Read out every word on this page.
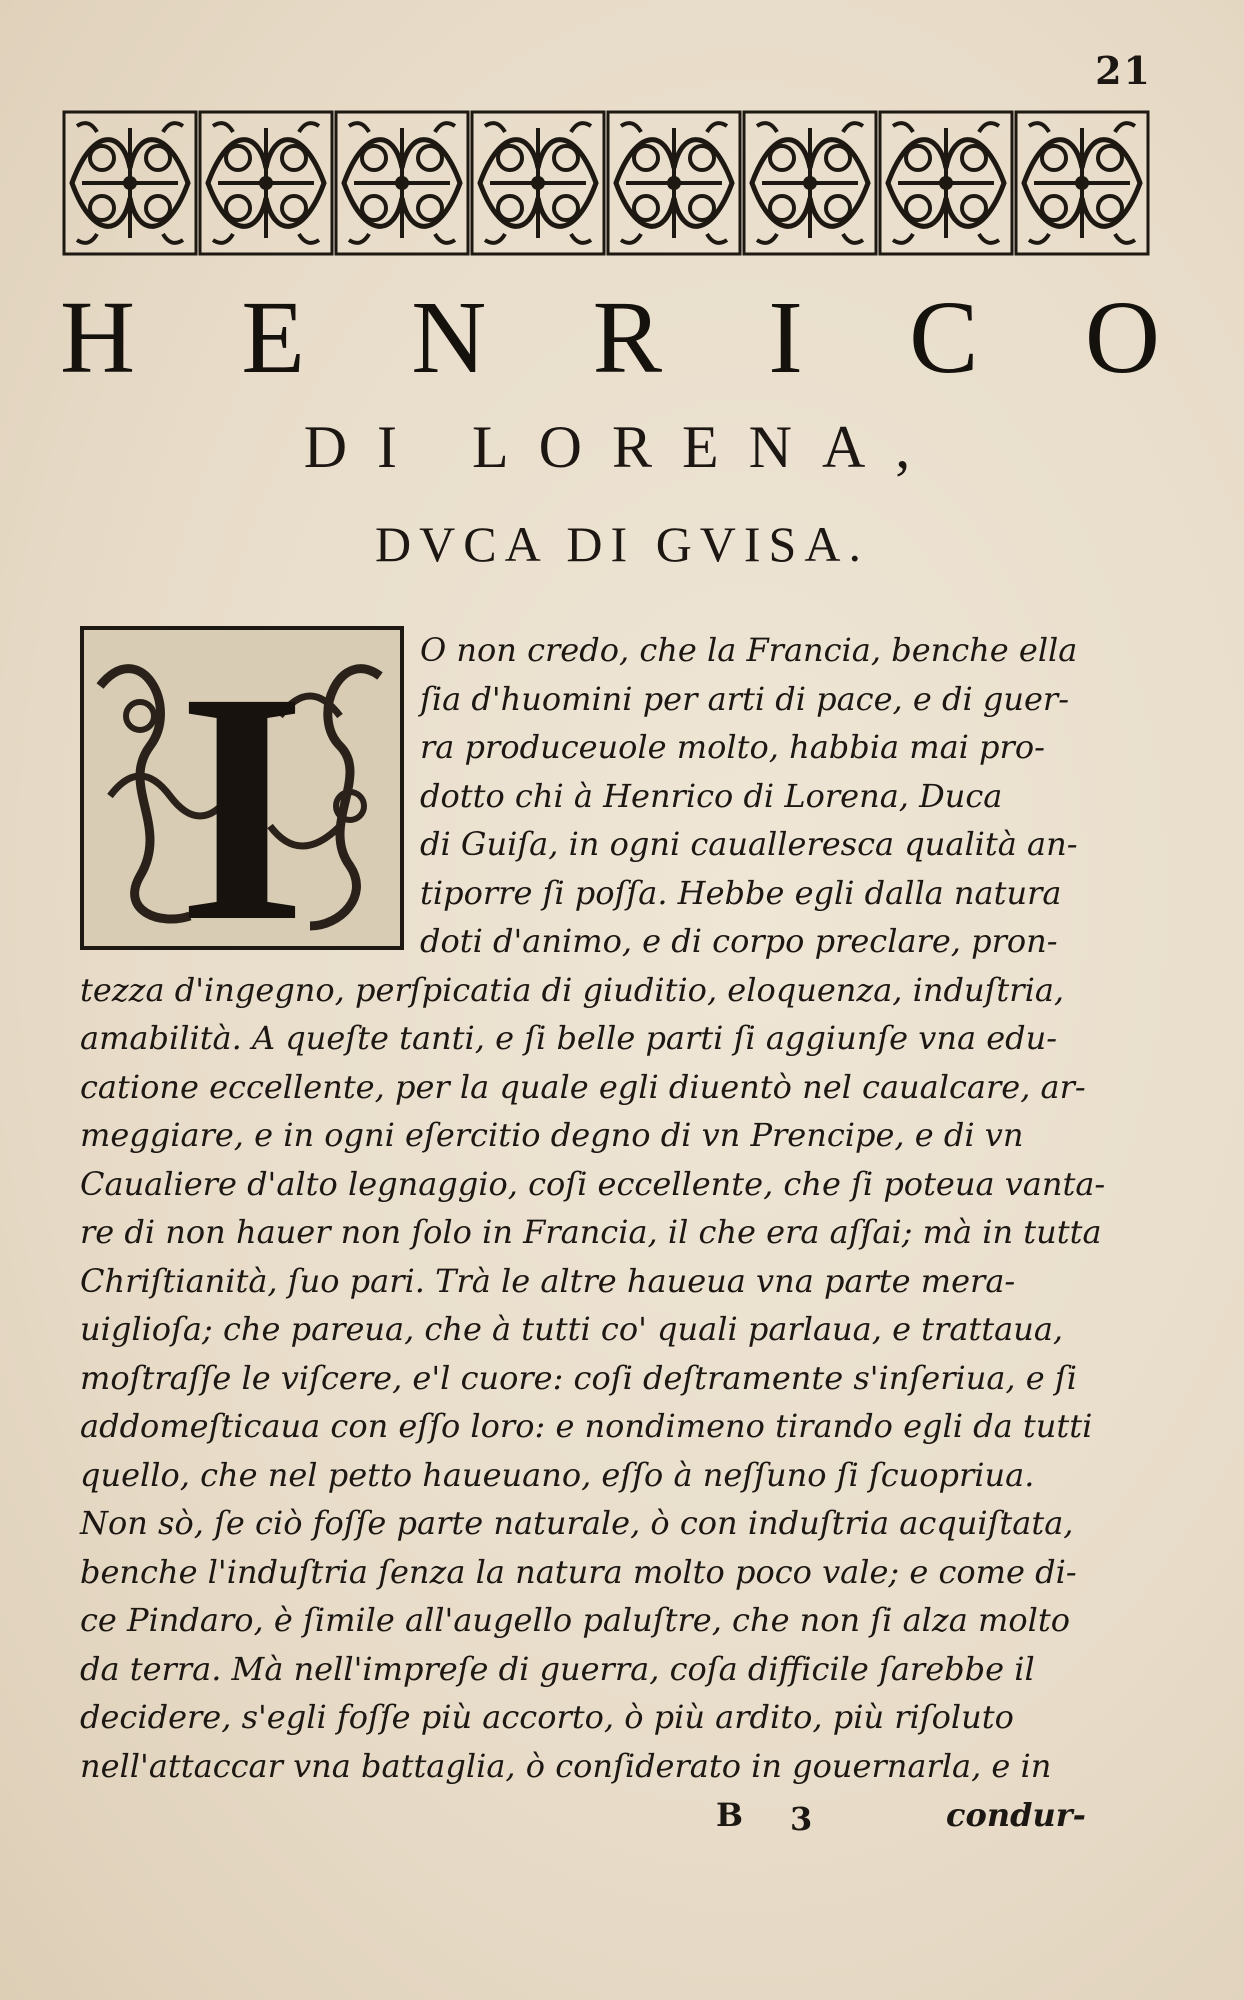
21
H E N R I C O
DI LORENA,
DVCA DI GVISA.
I	O non credo, che la Francia, benche ella
ſia d'huomini per arti di pace, e di guer-
ra produceuole molto, habbia mai pro-
dotto chi à Henrico di Lorena, Duca
di Guiſa, in ogni caualleresca qualità an-
tiporre ſi poſſa. Hebbe egli dalla natura
doti d'animo, e di corpo preclare, pron-
tezza d'ingegno, perſpicatia di giuditio, eloquenza, induſtria,
amabilità. A queſte tanti, e ſi belle parti ſi aggiunſe vna edu-
catione eccellente, per la quale egli diuentò nel caualcare, ar-
meggiare, e in ogni eſercitio degno di vn Prencipe, e di vn
Caualiere d'alto legnaggio, coſi eccellente, che ſi poteua vanta-
re di non hauer non ſolo in Francia, il che era aſſai; mà in tutta
Chriſtianità, ſuo pari. Trà le altre haueua vna parte mera-
uiglioſa; che pareua, che à tutti co' quali parlaua, e trattaua,
moſtraſſe le viſcere, e'l cuore: coſi deſtramente s'inſeriua, e ſi
addomeſticaua con eſſo loro: e nondimeno tirando egli da tutti
quello, che nel petto haueuano, eſſo à neſſuno ſi ſcuopriua.
Non sò, ſe ciò foſſe parte naturale, ò con induſtria acquiſtata,
benche l'induſtria ſenza la natura molto poco vale; e come di-
ce Pindaro, è ſimile all'augello paluſtre, che non ſi alza molto
da terra. Mà nell'impreſe di guerra, coſa difficile ſarebbe il
decidere, s'egli foſſe più accorto, ò più ardito, più riſoluto
nell'attaccar vna battaglia, ò conſiderato in gouernarla, e in
B 3	condur-
